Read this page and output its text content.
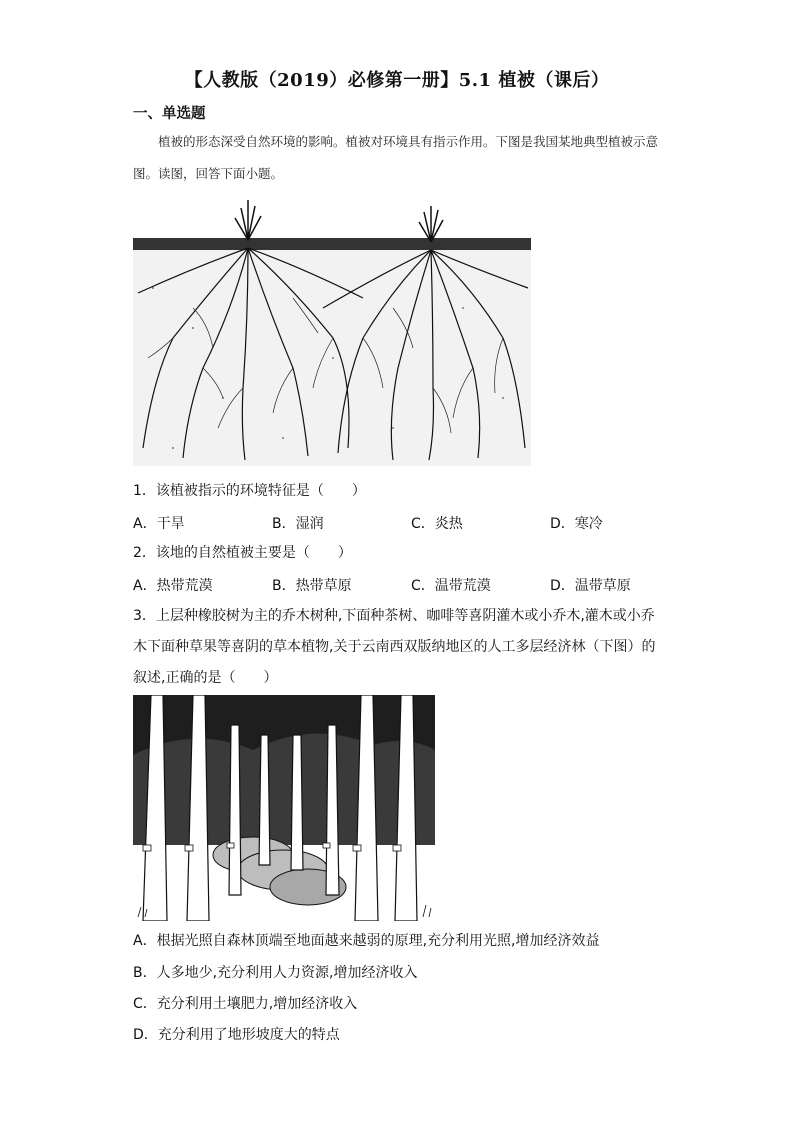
【人教版（2019）必修第一册】5.1 植被（课后）
一、单选题
植被的形态深受自然环境的影响。植被对环境具有指示作用。下图是我国某地典型植被示意图。读图，回答下面小题。
1．该植被指示的环境特征是（　　）
A．干旱	B．湿润	C．炎热	D．寒冷
2．该地的自然植被主要是（　　）
A．热带荒漠	B．热带草原	C．温带荒漠	D．温带草原
3．上层种橡胶树为主的乔木树种,下面种茶树、咖啡等喜阴灌木或小乔木,灌木或小乔木下面种草果等喜阴的草本植物,关于云南西双版纳地区的人工多层经济林（下图）的叙述,正确的是（　　）
A．根据光照自森林顶端至地面越来越弱的原理,充分利用光照,增加经济效益
B．人多地少,充分利用人力资源,增加经济收入
C．充分利用土壤肥力,增加经济收入
D．充分利用了地形坡度大的特点
